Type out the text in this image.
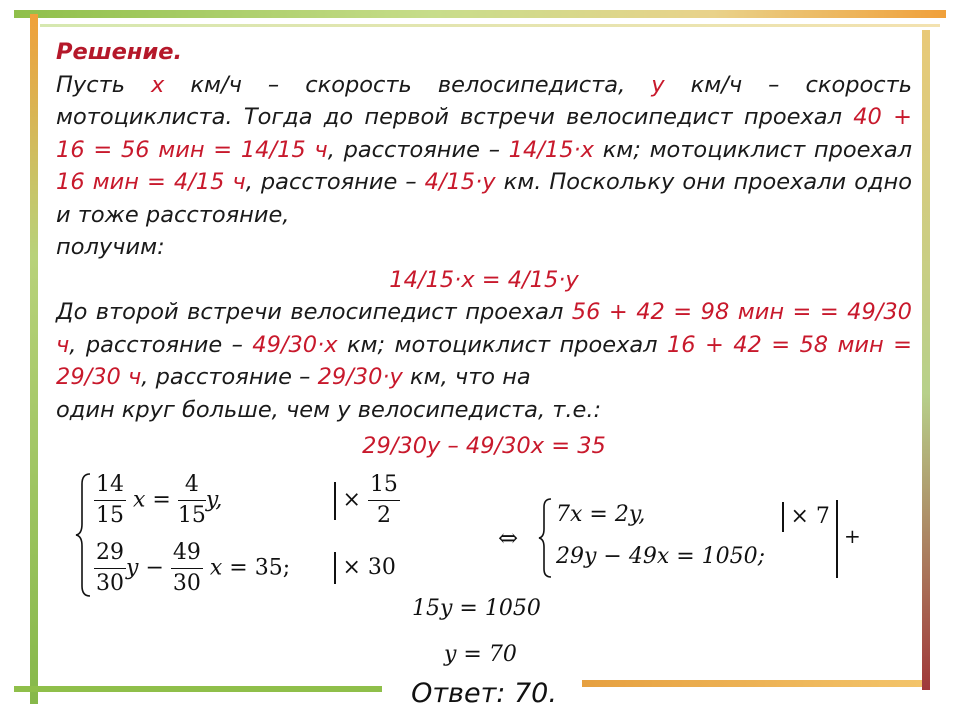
Решение.
Пусть x км/ч – скорость велосипедиста, y км/ч – скорость мотоциклиста. Тогда до первой встречи велосипедист проехал 40 + 16 = 56 мин = 14/15 ч, расстояние – 14/15·x км; мотоциклист проехал 16 мин = 4/15 ч, расстояние – 4/15·y км. Поскольку они проехали одно и тоже расстояние,
получим:
14/15·x = 4/15·y
До второй встречи велосипедист проехал 56 + 42 = 98 мин = = 49/30 ч, расстояние – 49/30·x км; мотоциклист проехал 16 + 42 = 58 мин = 29/30 ч, расстояние – 29/30·y км, что на
один круг больше, чем у велосипедиста, т.е.:
29/30y – 49/30x = 35
$\frac{14}{15}$ $x = \frac{4}{15} y$,
$\frac{29}{30}$ $y - \frac{49}{30}$ x = 35;
× $\frac{15}{2}$
× 30
⇔
7x = 2y,
29y − 49x = 1050;
× 7
+
15y = 1050
y = 70
Ответ: 70.
